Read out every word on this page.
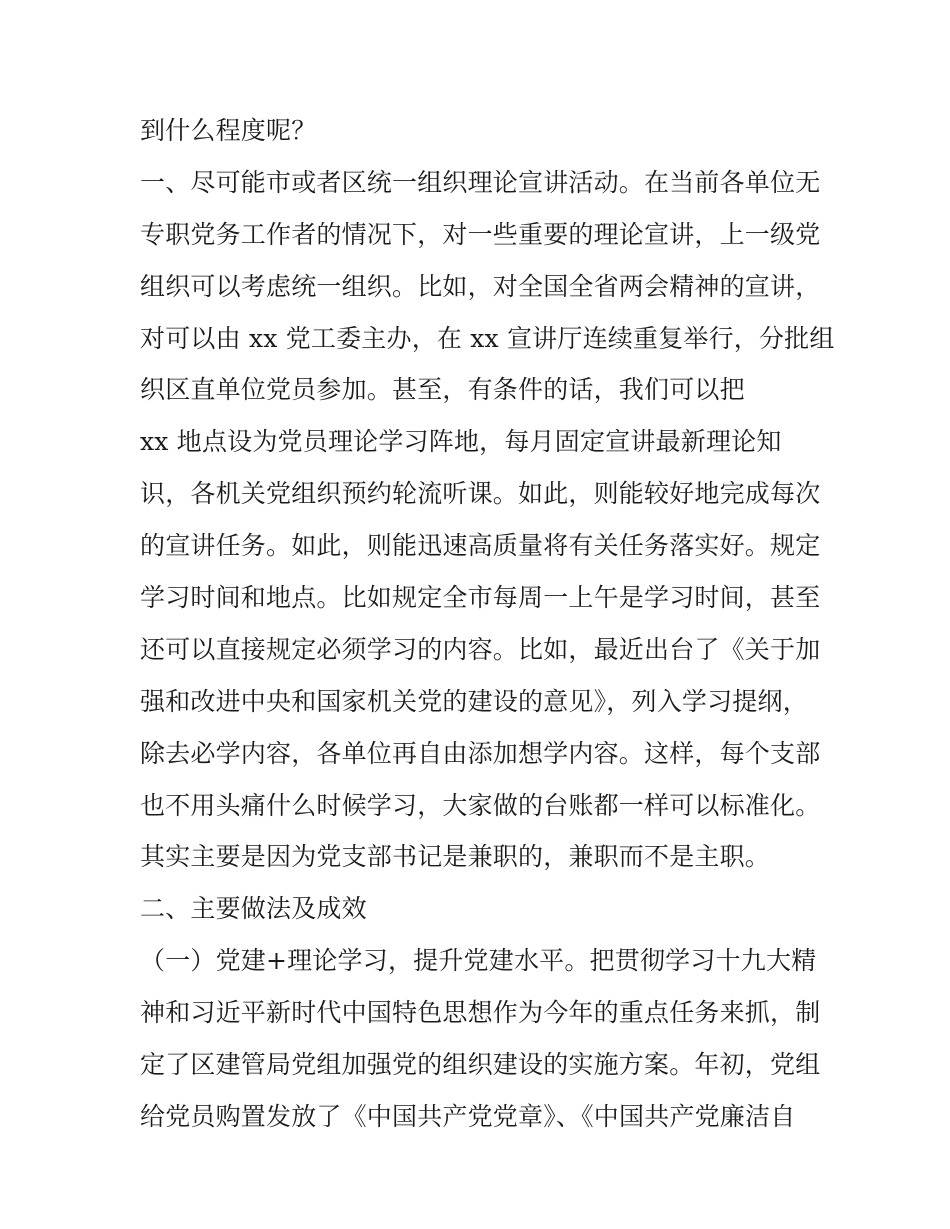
到什么程度呢？
一、尽可能市或者区统一组织理论宣讲活动。在当前各单位无
专职党务工作者的情况下，对一些重要的理论宣讲，上一级党
组织可以考虑统一组织。比如，对全国全省两会精神的宣讲，
对可以由 xx 党工委主办，在 xx 宣讲厅连续重复举行，分批组
织区直单位党员参加。甚至，有条件的话，我们可以把
xx 地点设为党员理论学习阵地，每月固定宣讲最新理论知
识，各机关党组织预约轮流听课。如此，则能较好地完成每次
的宣讲任务。如此，则能迅速高质量将有关任务落实好。规定
学习时间和地点。比如规定全市每周一上午是学习时间，甚至
还可以直接规定必须学习的内容。比如，最近出台了《关于加
强和改进中央和国家机关党的建设的意见》，列入学习提纲，
除去必学内容，各单位再自由添加想学内容。这样，每个支部
也不用头痛什么时候学习，大家做的台账都一样可以标准化。
其实主要是因为党支部书记是兼职的，兼职而不是主职。
二、主要做法及成效
（一）党建+理论学习，提升党建水平。把贯彻学习十九大精
神和习近平新时代中国特色思想作为今年的重点任务来抓，制
定了区建管局党组加强党的组织建设的实施方案。年初，党组
给党员购置发放了《中国共产党党章》、《中国共产党廉洁自
